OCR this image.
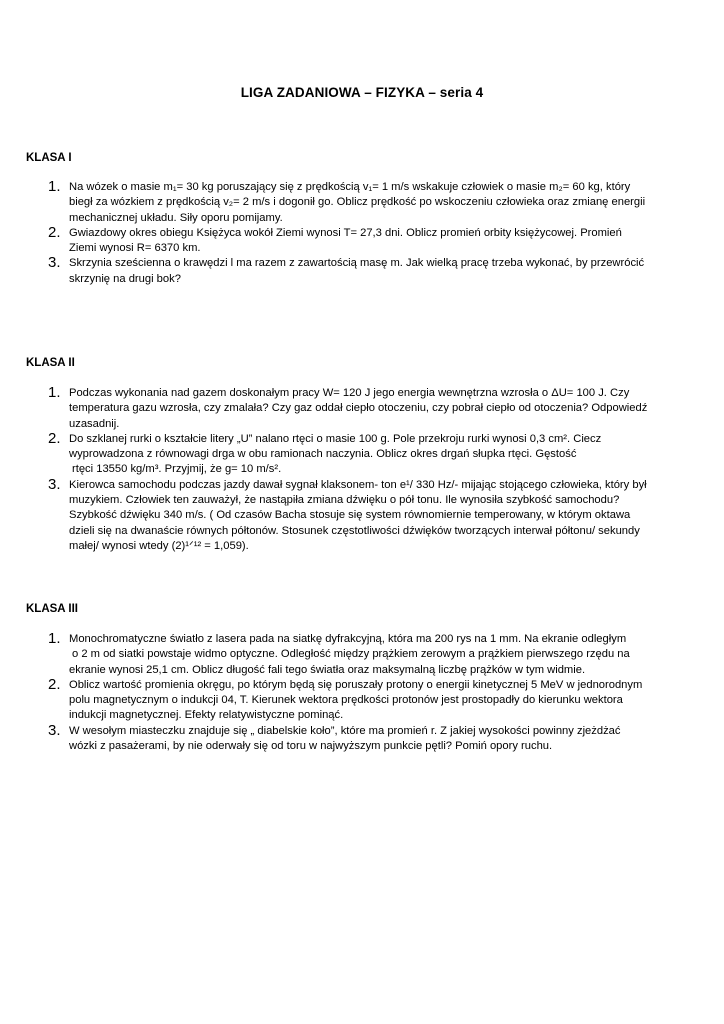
LIGA ZADANIOWA – FIZYKA – seria 4
KLASA I
1. Na wózek o masie m₁= 30 kg poruszający się z prędkością v₁= 1 m/s wskakuje człowiek o masie m₂= 60 kg, który
biegł za wózkiem z prędkością v₂= 2 m/s i dogonił go. Oblicz prędkość po wskoczeniu człowieka oraz zmianę energii
mechanicznej układu. Siły oporu pomijamy.
2. Gwiazdowy okres obiegu Księżyca wokół Ziemi wynosi T= 27,3 dni. Oblicz promień orbity księżycowej. Promień
Ziemi wynosi R= 6370 km.
3. Skrzynia sześcienna o krawędzi l ma razem z zawartością masę m. Jak wielką pracę trzeba wykonać, by przewrócić
skrzynię na drugi bok?
KLASA II
1. Podczas wykonania nad gazem doskonałym pracy W= 120 J jego energia wewnętrzna wzrosła o ΔU= 100 J. Czy
temperatura gazu wzrosła, czy zmalała? Czy gaz oddał ciepło otoczeniu, czy pobrał ciepło od otoczenia? Odpowiedź
uzasadnij.
2. Do szklanej rurki o kształcie litery „U” nalano rtęci o masie 100 g. Pole przekroju rurki wynosi 0,3 cm². Ciecz
wyprowadzona z równowagi drga w obu ramionach naczynia. Oblicz okres drgań słupka rtęci. Gęstość
rtęci 13550 kg/m³. Przyjmij, że g= 10 m/s².
3. Kierowca samochodu podczas jazdy dawał sygnał klaksonem- ton e¹/ 330 Hz/- mijając stojącego człowieka, który był
muzykiem. Człowiek ten zauważył, że nastąpiła zmiana dźwięku o pół tonu. Ile wynosiła szybkość samochodu?
Szybkość dźwięku 340 m/s. ( Od czasów Bacha stosuje się system równomiernie temperowany, w którym oktawa
dzieli się na dwanaście równych półtonów. Stosunek częstotliwości dźwięków tworzących interwał półtonu/ sekundy
małej/ wynosi wtedy (2)¹ᐟ¹² = 1,059).
KLASA III
1. Monochromatyczne światło z lasera pada na siatkę dyfrakcyjną, która ma 200 rys na 1 mm. Na ekranie odległym
o 2 m od siatki powstaje widmo optyczne. Odległość między prążkiem zerowym a prążkiem pierwszego rzędu na
ekranie wynosi 25,1 cm. Oblicz długość fali tego światła oraz maksymalną liczbę prążków w tym widmie.
2. Oblicz wartość promienia okręgu, po którym będą się poruszały protony o energii kinetycznej 5 MeV w jednorodnym
polu magnetycznym o indukcji 04, T. Kierunek wektora prędkości protonów jest prostopadły do kierunku wektora
indukcji magnetycznej. Efekty relatywistyczne pominąć.
3. W wesołym miasteczku znajduje się „ diabelskie koło”, które ma promień r. Z jakiej wysokości powinny zjeżdżać
wózki z pasażerami, by nie oderwały się od toru w najwyższym punkcie pętli? Pomiń opory ruchu.
